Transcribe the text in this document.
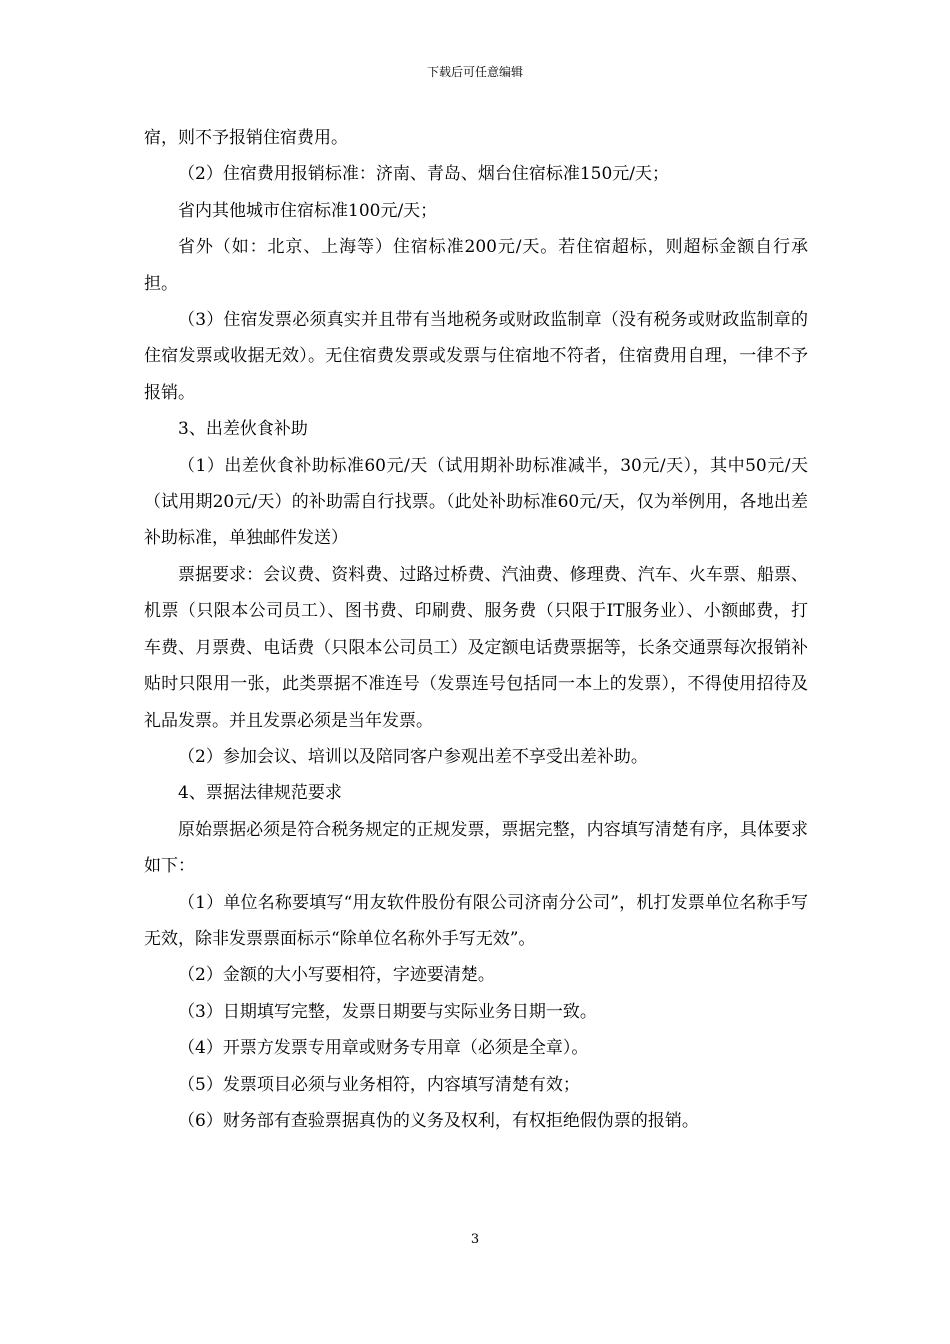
下载后可任意编辑

宿，则不予报销住宿费用。

（2）住宿费用报销标准：济南、青岛、烟台住宿标准150元/天；

省内其他城市住宿标准100元/天；

省外（如：北京、上海等）住宿标准200元/天。若住宿超标，则超标金额自行承担。

（3）住宿发票必须真实并且带有当地税务或财政监制章（没有税务或财政监制章的住宿发票或收据无效）。无住宿费发票或发票与住宿地不符者，住宿费用自理，一律不予报销。

3、出差伙食补助

（1）出差伙食补助标准60元/天（试用期补助标准减半，30元/天），其中50元/天（试用期20元/天）的补助需自行找票。（此处补助标准60元/天，仅为举例用，各地出差补助标准，单独邮件发送）

票据要求：会议费、资料费、过路过桥费、汽油费、修理费、汽车、火车票、船票、机票（只限本公司员工）、图书费、印刷费、服务费（只限于IT服务业）、小额邮费，打车费、月票费、电话费（只限本公司员工）及定额电话费票据等，长条交通票每次报销补贴时只限用一张，此类票据不准连号（发票连号包括同一本上的发票），不得使用招待及礼品发票。并且发票必须是当年发票。

（2）参加会议、培训以及陪同客户参观出差不享受出差补助。

4、票据法律规范要求

原始票据必须是符合税务规定的正规发票，票据完整，内容填写清楚有序，具体要求如下：

（1）单位名称要填写“用友软件股份有限公司济南分公司”，机打发票单位名称手写无效，除非发票票面标示“除单位名称外手写无效”。

（2）金额的大小写要相符，字迹要清楚。

（3）日期填写完整，发票日期要与实际业务日期一致。

（4）开票方发票专用章或财务专用章（必须是全章）。

（5）发票项目必须与业务相符，内容填写清楚有效；

（6）财务部有查验票据真伪的义务及权利，有权拒绝假伪票的报销。

3
